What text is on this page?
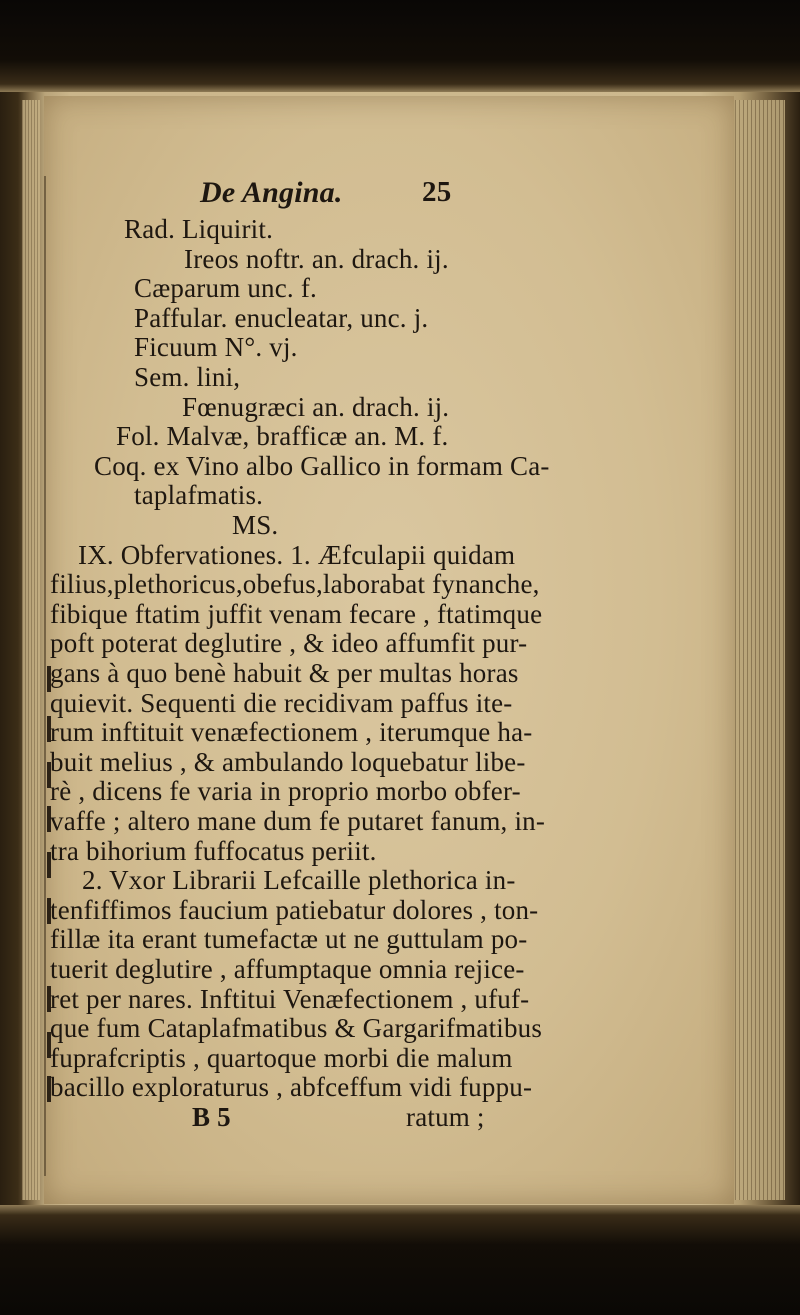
De Angina.	25
Rad. Liquirit.
Ireos noftr. an. drach. ij.
Cæparum unc. f.
Paffular. enucleatar, unc. j.
Ficuum N°. vj.
Sem. lini,
Fœnugræci an. drach. ij.
Fol. Malvæ, brafficæ an. M. f.
Coq. ex Vino albo Gallico in formam Ca-
taplafmatis.
MS.
IX. Obfervationes. 1. Æfculapii quidam
filius,plethoricus,obefus,laborabat fynanche,
fibique ftatim juffit venam fecare , ftatimque
poft poterat deglutire , & ideo affumfit pur-
gans à quo benè habuit & per multas horas
quievit. Sequenti die recidivam paffus ite-
rum inftituit venæfectionem , iterumque ha-
buit melius , & ambulando loquebatur libe-
rè , dicens fe varia in proprio morbo obfer-
vaffe ; altero mane dum fe putaret fanum, in-
tra bihorium fuffocatus periit.
2. Vxor Librarii Lefcaille plethorica in-
tenfiffimos faucium patiebatur dolores , ton-
fillæ ita erant tumefactæ ut ne guttulam po-
tuerit deglutire , affumptaque omnia rejice-
ret per nares. Inftitui Venæfectionem , ufuf-
que fum Cataplafmatibus & Gargarifmatibus
fuprafcriptis , quartoque morbi die malum
bacillo exploraturus , abfceffum vidi fuppu-
B 5	ratum ;
